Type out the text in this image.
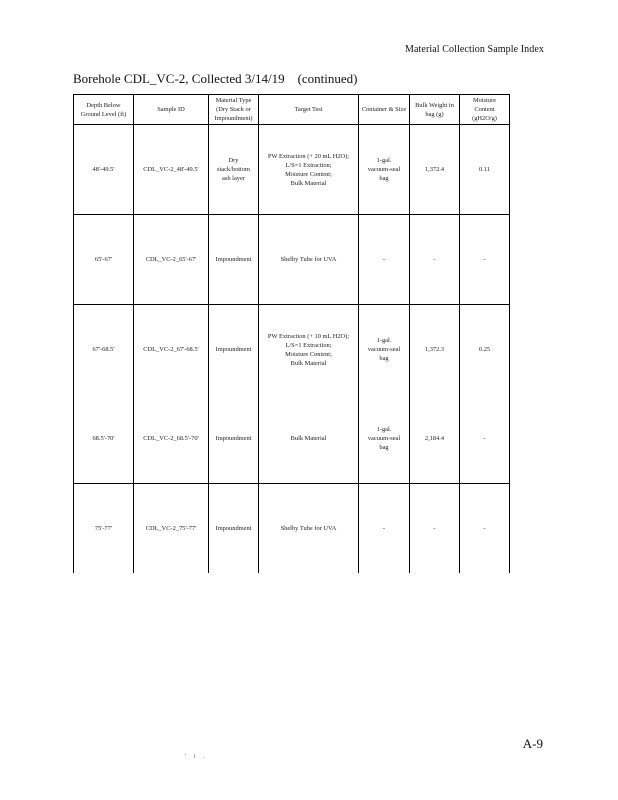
Material Collection Sample Index
Borehole CDL_VC-2, Collected 3/14/19    (continued)
Depth Below
Ground Level (ft)	Sample ID	Material Type
(Dry Stack or
Impoundment)	Target Test	Container & Size	Bulk Weight in
bag (g)	Moisture
Content
(gH2O/g)

48'-49.5'	CDL_VC-2_48'-49.5'	Dry
stack/bottom
ash layer	PW Extraction (+ 20 mL H2O);
L/S=1 Extraction;
Moisture Content;
Bulk Material	1-gal.
vacuum-seal
bag	1,372.4	0.11
65'-67'	CDL_VC-2_65'-67'	Impoundment	Shelby Tube for UVA	-	-	-
67'-68.5'	CDL_VC-2_67'-68.5'	Impoundment	PW Extraction (+ 10 mL H2O);
L/S=1 Extraction;
Moisture Content;
Bulk Material	1-gal.
vacuum-seal
bag	1,372.3	0.25
68.5'-70'	CDL_VC-2_68.5'-70'	Impoundment	Bulk Material	1-gal.
vacuum-seal
bag	2,184.4	-
75'-77'	CDL_VC-2_75'-77'	Impoundment	Shelby Tube for UVA	-	-	-
A-9
' i .
